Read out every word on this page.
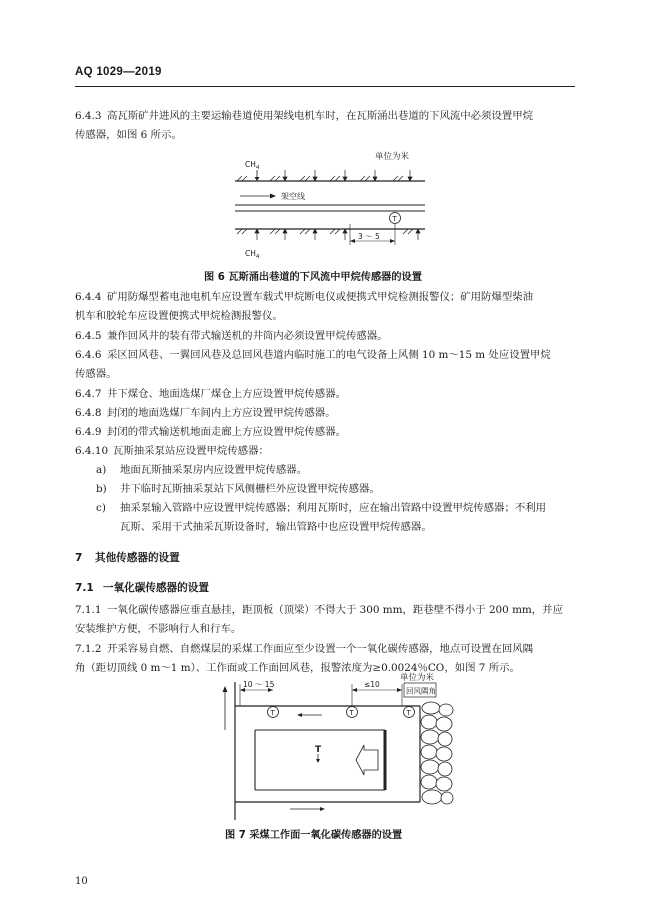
AQ 1029—2019
6.4.3 高瓦斯矿井进风的主要运输巷道使用架线电机车时，在瓦斯涌出巷道的下风流中必须设置甲烷
传感器，如图 6 所示。
单位为米
$CH_4$
架空线
T
3 ～ 5
$CH_4$
图 6 瓦斯涌出巷道的下风流中甲烷传感器的设置
6.4.4 矿用防爆型蓄电池电机车应设置车载式甲烷断电仪或便携式甲烷检测报警仪；矿用防爆型柴油
机车和胶轮车应设置便携式甲烷检测报警仪。
6.4.5 兼作回风井的装有带式输送机的井筒内必须设置甲烷传感器。
6.4.6 采区回风巷、一翼回风巷及总回风巷道内临时施工的电气设备上风侧 10 m～15 m 处应设置甲烷
传感器。
6.4.7 井下煤仓、地面选煤厂煤仓上方应设置甲烷传感器。
6.4.8 封闭的地面选煤厂车间内上方应设置甲烷传感器。
6.4.9 封闭的带式输送机地面走廊上方应设置甲烷传感器。
6.4.10 瓦斯抽采泵站应设置甲烷传感器：
a) 地面瓦斯抽采泵房内应设置甲烷传感器。
b) 井下临时瓦斯抽采泵站下风侧栅栏外应设置甲烷传感器。
c) 抽采泵输入管路中应设置甲烷传感器；利用瓦斯时，应在输出管路中设置甲烷传感器；不利用
瓦斯、采用干式抽采瓦斯设备时，输出管路中也应设置甲烷传感器。
7 其他传感器的设置
7.1 一氧化碳传感器的设置
7.1.1 一氧化碳传感器应垂直悬挂，距顶板（顶梁）不得大于 300 mm，距巷壁不得小于 200 mm，并应
安装维护方便，不影响行人和行车。
7.1.2 开采容易自燃、自燃煤层的采煤工作面应至少设置一个一氧化碳传感器，地点可设置在回风隅
角（距切顶线 0 m～1 m）、工作面或工作面回风巷，报警浓度为≥0.0024％CO，如图 7 所示。
单位为米
10 ～ 15	≤10
回风隅角
T	T	T
T
图 7 采煤工作面一氧化碳传感器的设置
10
